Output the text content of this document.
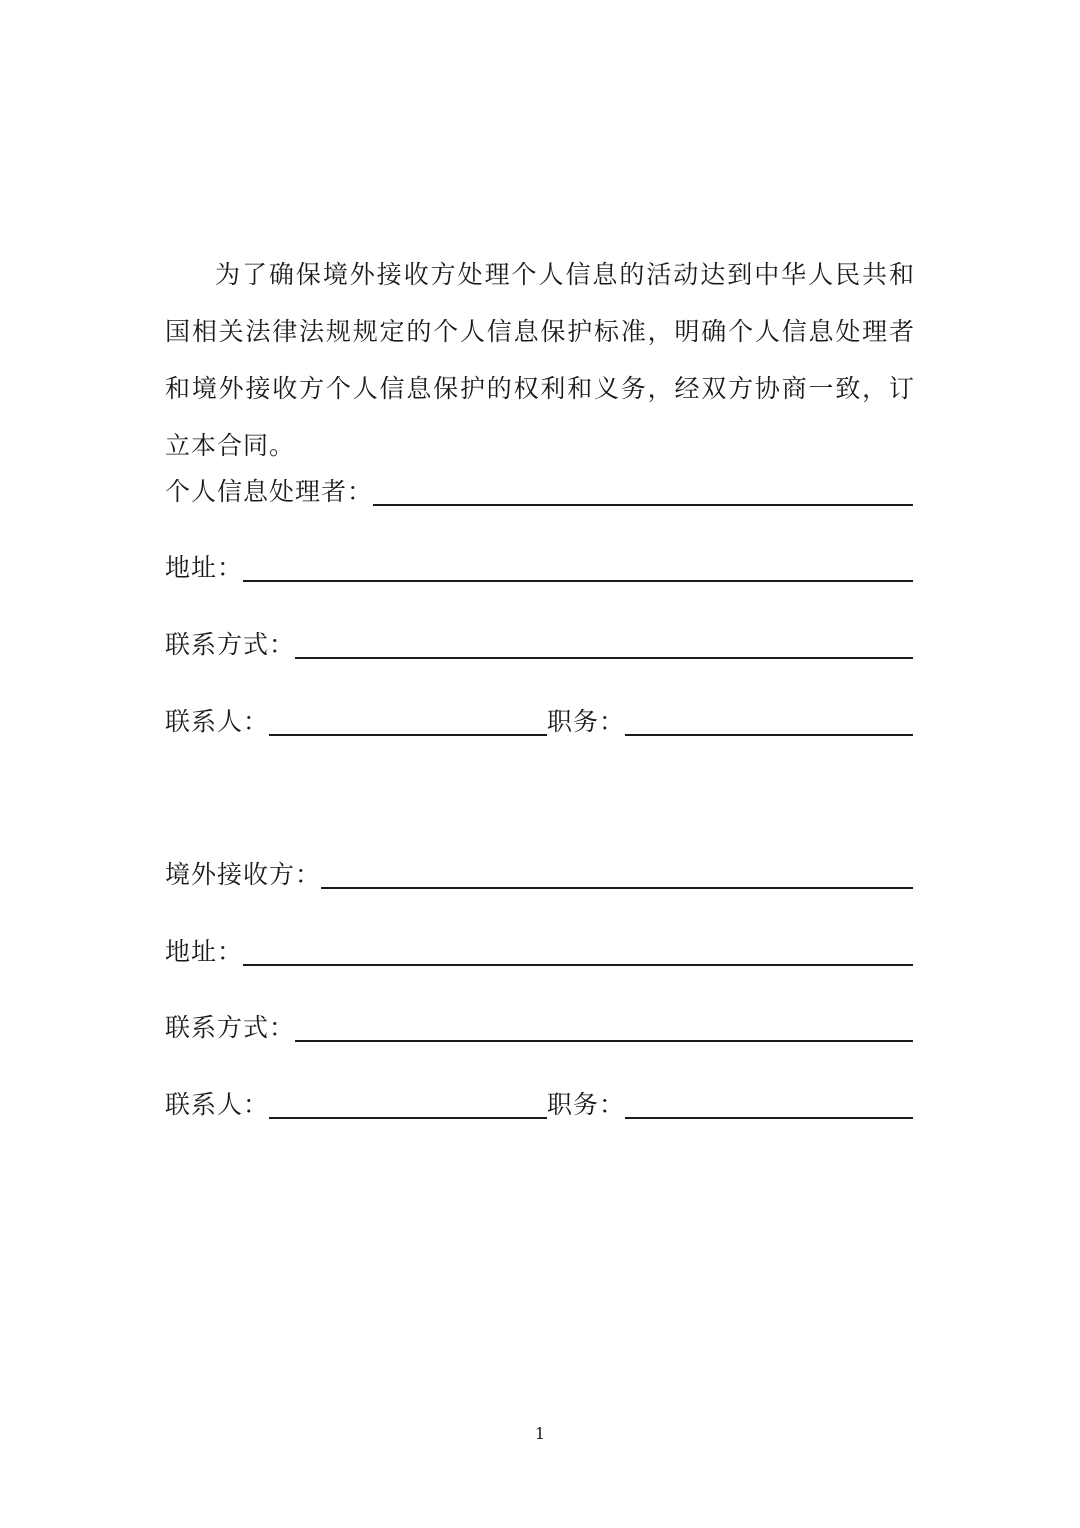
为了确保境外接收方处理个人信息的活动达到中华人民共和国相关法律法规规定的个人信息保护标准，明确个人信息处理者和境外接收方个人信息保护的权利和义务，经双方协商一致，订立本合同。

个人信息处理者：
地址：
联系方式：
联系人：	职务：
境外接收方：
地址：
联系方式：
联系人：	职务：
1
